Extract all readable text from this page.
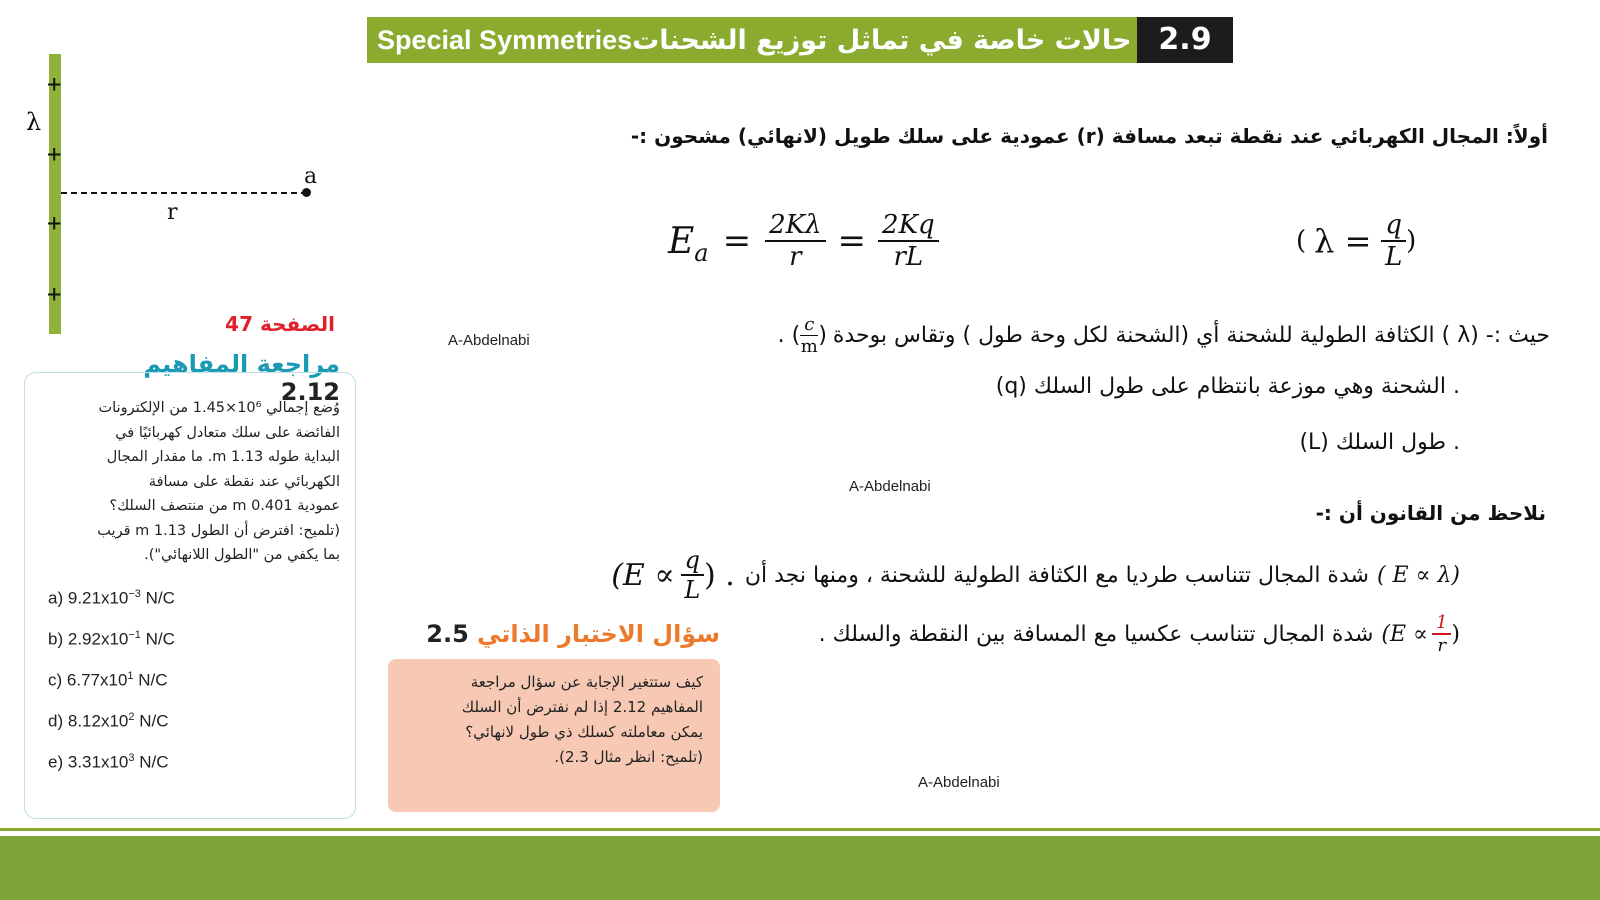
Special Symmetriesحالات خاصة في تماثل توزيع الشحنات 2.9
+
+
+
+
λ
a
r
الصفحة 47
مراجعة المفاهيم 2.12
وُضع إجمالي 10⁶×1.45 من الإلكترونات
الفائضة على سلك متعادل كهربائيًا في
البداية طوله 1.13 m. ما مقدار المجال
الكهربائي عند نقطة على مسافة
عمودية 0.401 m من منتصف السلك؟
(تلميح: افترض أن الطول 1.13 m قريب
بما يكفي من "الطول اللانهائي").
a) $9.21x10^{-3}$ N/C
b) $2.92x10^{-1}$ N/C
c) $6.77x10^1$ N/C
d) $8.12x10^2$ N/C
e) $3.31x10^3$ N/C
سؤال الاختبار الذاتي 2.5
كيف ستتغير الإجابة عن سؤال مراجعة
المفاهيم 2.12 إذا لم نفترض أن السلك
يمكن معاملته كسلك ذي طول لانهائي؟
(تلميح: انظر مثال 2.3).
A-Abdelnabi
A-Abdelnabi
A-Abdelnabi
أولاً: المجال الكهربائي عند نقطة تبعد مسافة (r) عمودية على سلك طويل (لانهائي) مشحون :-
$E_a = \frac{2K\lambda}{r} = \frac{2Kq}{rL}$	( $\lambda = \frac{q}{L}$ )
حيث :- (λ ) الكثافة الطولية للشحنة أي (الشحنة لكل وحة طول ) وتقاس بوحدة
(
$\frac{c}{m}$
) .
(q) الشحنة وهي موزعة بانتظام على طول السلك .
(L) طول السلك .
نلاحظ من القانون أن :-
(E ∝ λ )
شدة المجال تتناسب طرديا مع الكثافة الطولية للشحنة ، ومنها نجد أن
($E \propto \frac{q}{L}$ ) .
($E \propto \frac{1}{r}$ )
شدة المجال تتناسب عكسيا مع المسافة بين النقطة والسلك .
